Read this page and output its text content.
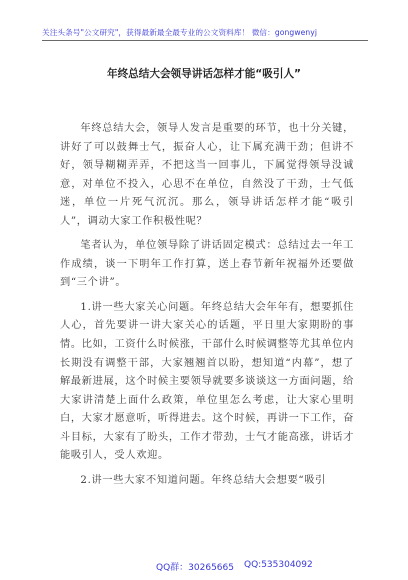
关注头条号"公文研究"，获得最新最全最专业的公文资料库！ 微信：gongwenyj
年终总结大会领导讲话怎样才能“吸引人”

年终总结大会，领导人发言是重要的环节，也十分关键，讲好了可以鼓舞士气，振奋人心，让下属充满干劲；但讲不好，领导糊糊弄弄，不把这当一回事儿，下属觉得领导没诚意，对单位不投入，心思不在单位，自然没了干劲，士气低迷，单位一片死气沉沉。那么，领导讲话怎样才能“吸引人”，调动大家工作积极性呢？

笔者认为，单位领导除了讲话固定模式：总结过去一年工作成绩，谈一下明年工作打算，送上春节新年祝福外还要做到“三个讲”。

1.讲一些大家关心问题。年终总结大会年年有，想要抓住人心，首先要讲一讲大家关心的话题，平日里大家期盼的事情。比如，工资什么时候涨，干部什么时候调整等尤其单位内长期没有调整干部，大家翘翘首以盼，想知道“内幕”，想了解最新进展，这个时候主要领导就要多谈谈这一方面问题，给大家讲清楚上面什么政策，单位里怎么考虑，让大家心里明白，大家才愿意听，听得进去。这个时候，再讲一下工作，奋斗目标，大家有了盼头，工作才带劲，士气才能高涨，讲话才能吸引人，受人欢迎。

2.讲一些大家不知道问题。年终总结大会想要“吸引

QQ群：30265665 QQ:535304092
